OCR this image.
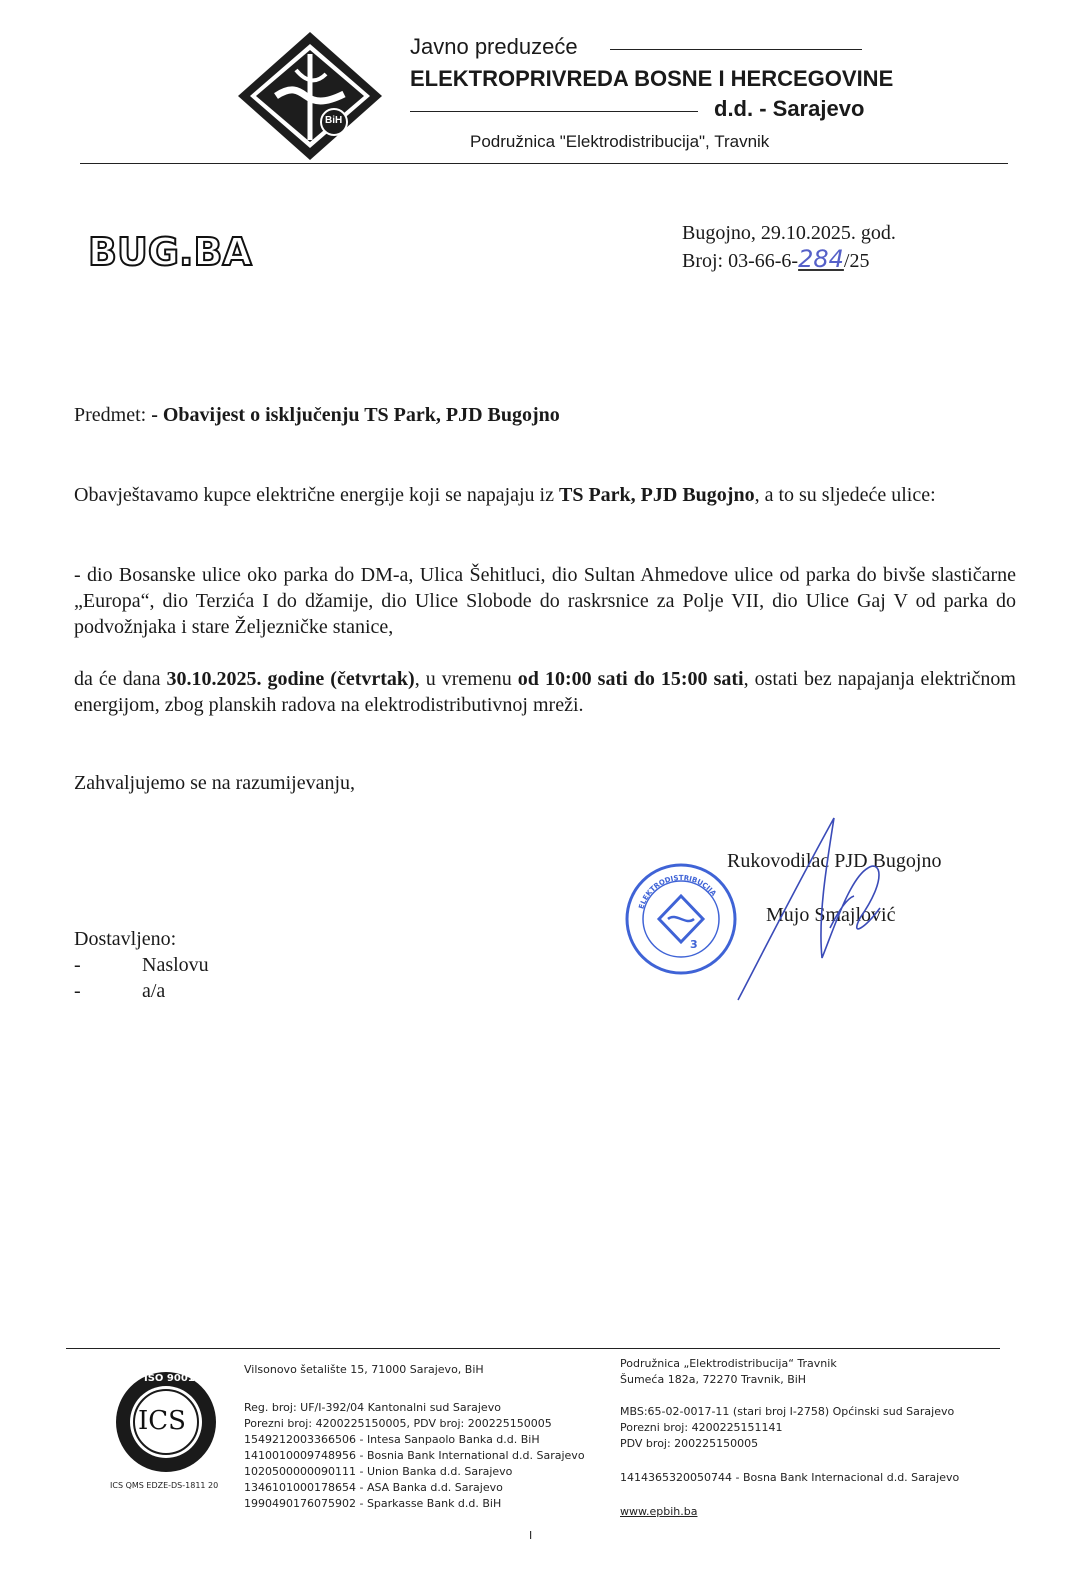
BiH
Javno preduzeće
ELEKTROPRIVREDA BOSNE I HERCEGOVINE
d.d. - Sarajevo
Podružnica "Elektrodistribucija", Travnik
BUG.BA	Bugojno, 29.10.2025. god.
Broj: 03-66-6-284/25
Predmet: - Obavijest o isključenju TS Park, PJD Bugojno
Obavještavamo kupce električne energije koji se napajaju iz TS Park, PJD Bugojno, a to su sljedeće ulice:
- dio Bosanske ulice oko parka do DM-a, Ulica Šehitluci, dio Sultan Ahmedove ulice od parka do bivše slastičarne „Europa“, dio Terzića I do džamije, dio Ulice Slobode do raskrsnice za Polje VII, dio Ulice Gaj V od parka do podvožnjaka i stare Željezničke stanice,
da će dana 30.10.2025. godine (četvrtak), u vremenu od 10:00 sati do 15:00 sati, ostati bez napajanja električnom energijom, zbog planskih radova na elektrodistributivnoj mreži.
Zahvaljujemo se na razumijevanju,
ELEKTRODISTRIBUCIJA
3
Rukovodilac PJD Bugojno
Mujo Smajlović
Dostavljeno:
-	Naslovu
-	a/a
ISO 9001
ICS
ICS QMS EDZE-DS-1811 20
Vilsonovo šetalište 15, 71000 Sarajevo, BiH
Reg. broj: UF/I-392/04 Kantonalni sud Sarajevo
Porezni broj: 4200225150005, PDV broj: 200225150005
1549212003366506 - Intesa Sanpaolo Banka d.d. BiH
1410010009748956 - Bosnia Bank International d.d. Sarajevo
1020500000090111 - Union Banka d.d. Sarajevo
1346101000178654 - ASA Banka d.d. Sarajevo
1990490176075902 - Sparkasse Bank d.d. BiH
Podružnica „Elektrodistribucija“ Travnik
Šumeća 182a, 72270 Travnik, BiH
MBS:65-02-0017-11 (stari broj I-2758) Općinski sud Sarajevo
Porezni broj: 4200225151141
PDV broj: 200225150005
1414365320050744 - Bosna Bank Internacional d.d. Sarajevo
www.epbih.ba
I
